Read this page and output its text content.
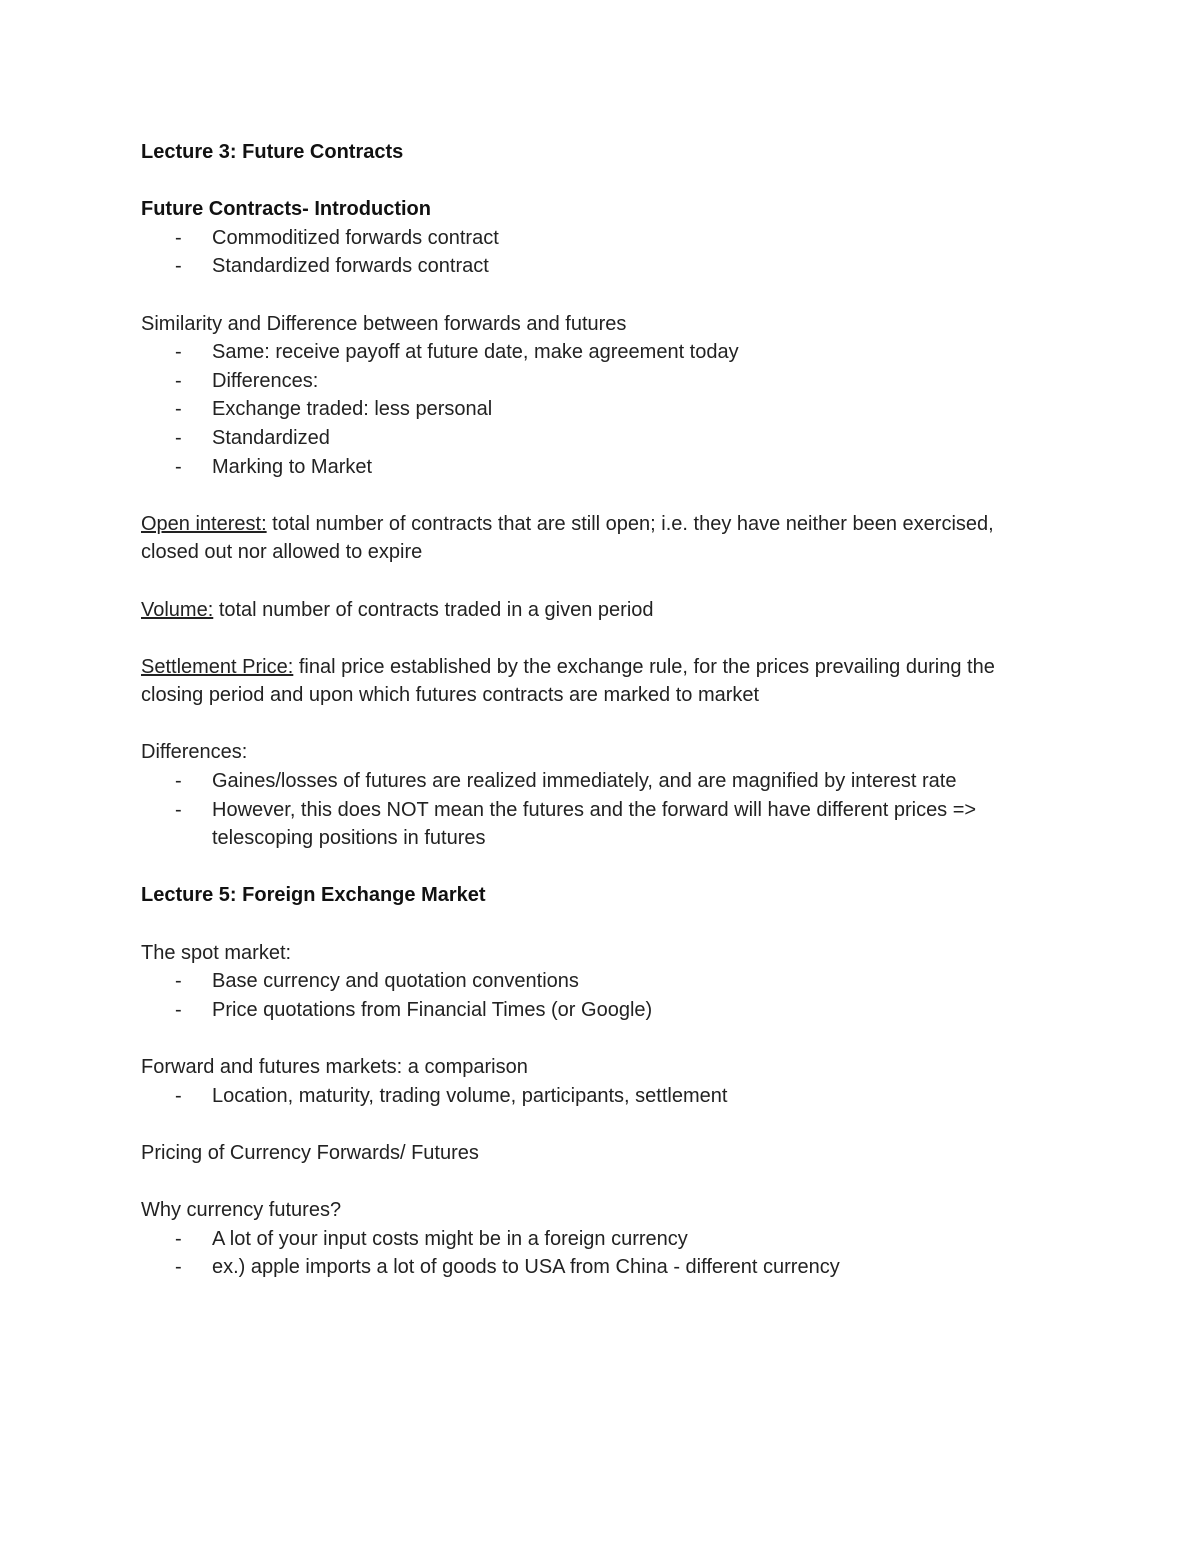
Lecture 3: Future Contracts

Future Contracts- Introduction

- Commoditized forwards contract

- Standardized forwards contract

Similarity and Difference between forwards and futures

- Same: receive payoff at future date, make agreement today

- Differences:

- Exchange traded: less personal

- Standardized

- Marking to Market

Open interest: total number of contracts that are still open; i.e. they have neither been exercised, closed out nor allowed to expire

Volume: total number of contracts traded in a given period

Settlement Price: final price established by the exchange rule, for the prices prevailing during the closing period and upon which futures contracts are marked to market

Differences:

- Gaines/losses of futures are realized immediately, and are magnified by interest rate

- However, this does NOT mean the futures and the forward will have different prices => telescoping positions in futures

Lecture 5: Foreign Exchange Market

The spot market:

- Base currency and quotation conventions

- Price quotations from Financial Times (or Google)

Forward and futures markets: a comparison

- Location, maturity, trading volume, participants, settlement

Pricing of Currency Forwards/ Futures

Why currency futures?

- A lot of your input costs might be in a foreign currency

- ex.) apple imports a lot of goods to USA from China - different currency
